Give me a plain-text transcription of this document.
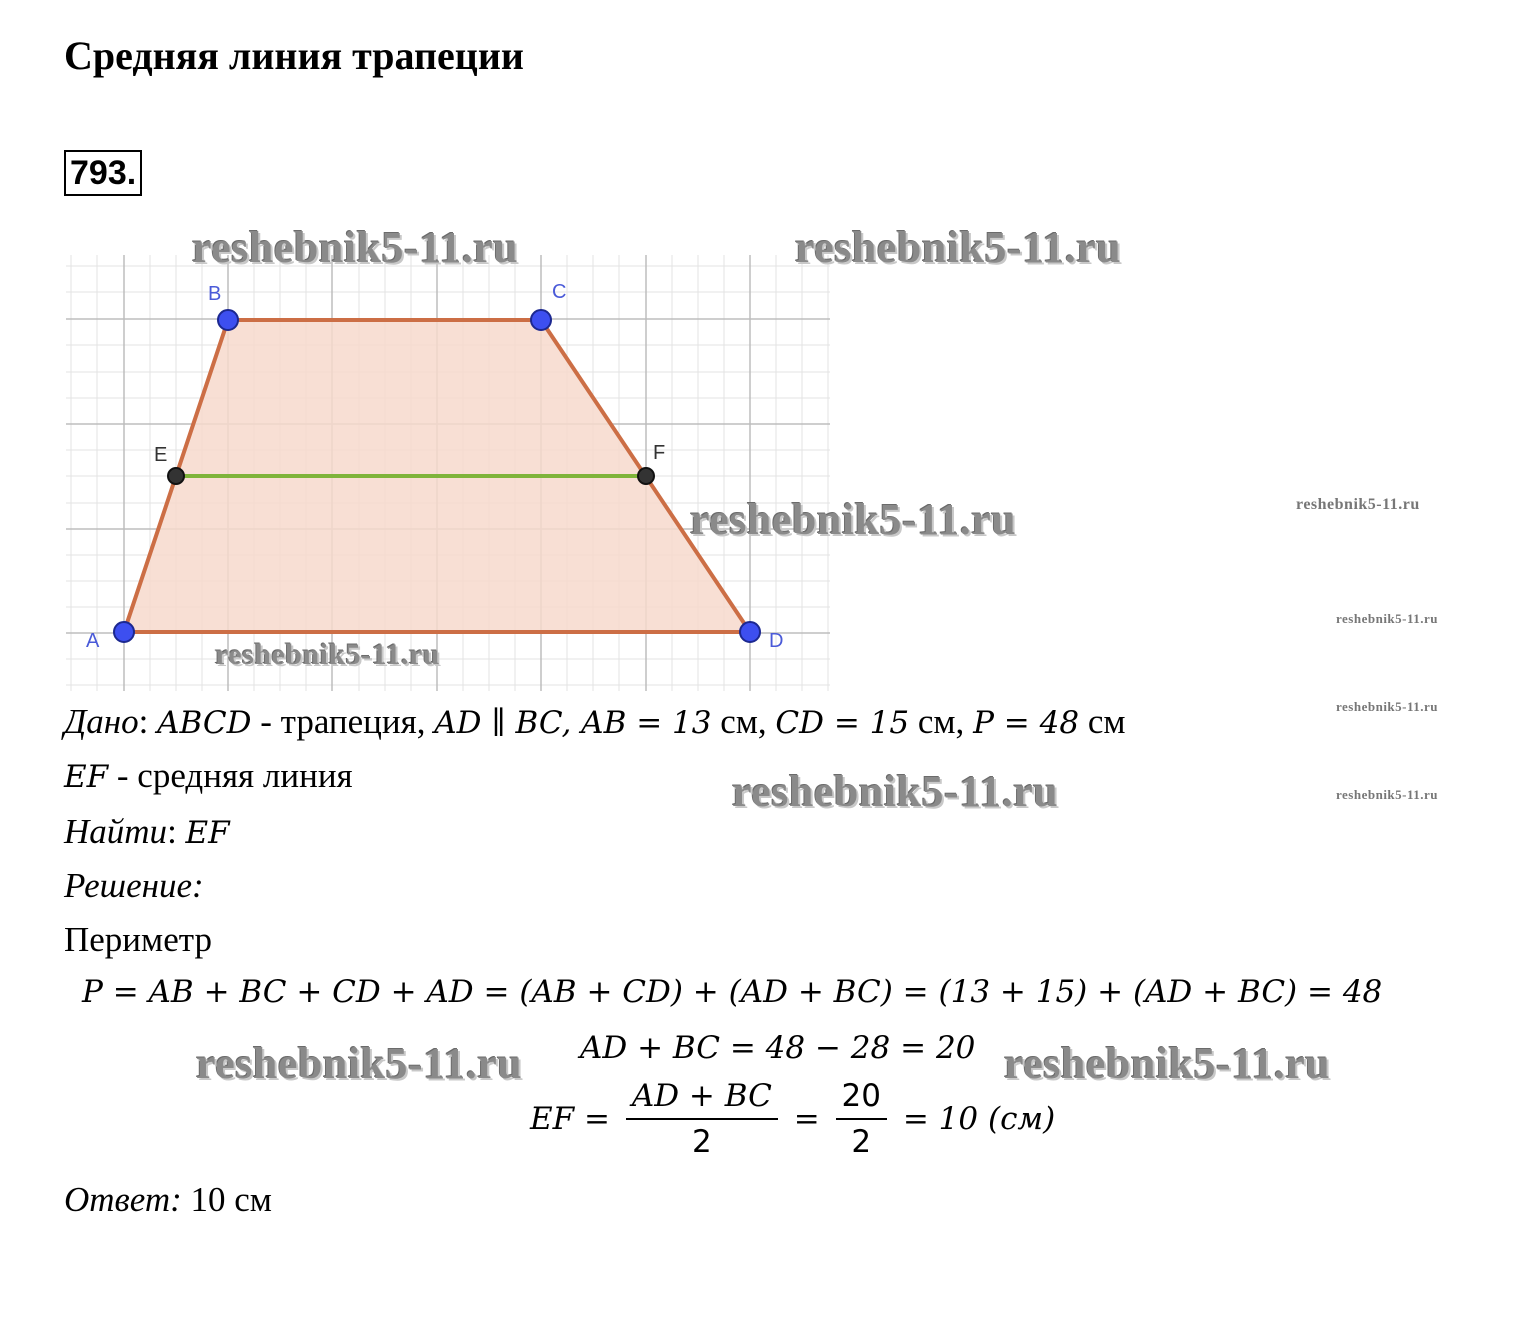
Средняя линия трапеции
793.
A
B	C
D
E	F
reshebnik5-11.ru	reshebnik5-11.ru
reshebnik5-11.ru	reshebnik5-11.ru
reshebnik5-11.ru
reshebnik5-11.ru
reshebnik5-11.ru
reshebnik5-11.ru	reshebnik5-11.ru
reshebnik5-11.ru	reshebnik5-11.ru
Дано: ABCD - трапеция, AD ∥ BC, AB = 13 см, CD = 15 см, P = 48 см
EF - средняя линия
Найти: EF
Решение:
Периметр
P = AB + BC + CD + AD = (AB + CD) + (AD + BC) = (13 + 15) + (AD + BC) = 48
AD + BC = 48 − 28 = 20
EF = $\frac{AD + BC}{2} = \frac{20}{2} = 10$ (см)
Ответ: 10 см
